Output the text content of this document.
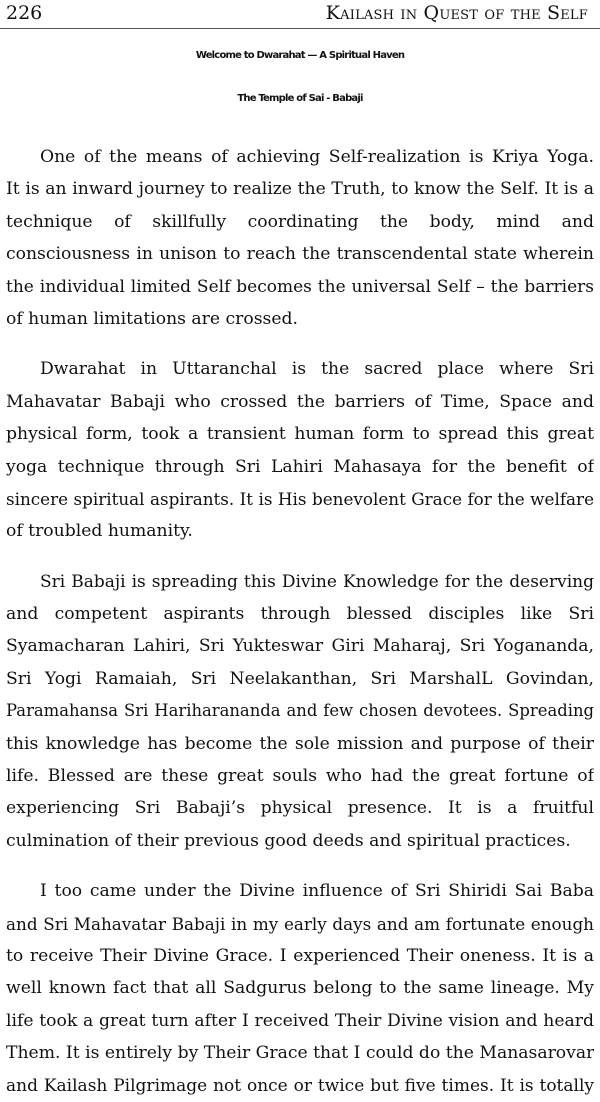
226	Kailash in Quest of the Self
Welcome to Dwarahat — A Spiritual Haven
The Temple of Sai - Babaji
One of the means of achieving Self-realization is Kriya Yoga.
It is an inward journey to realize the Truth, to know the Self. It is a
technique of skillfully coordinating the body, mind and
consciousness in unison to reach the transcendental state wherein
the individual limited Self becomes the universal Self – the barriers
of human limitations are crossed.
Dwarahat in Uttaranchal is the sacred place where Sri
Mahavatar Babaji who crossed the barriers of Time, Space and
physical form, took a transient human form to spread this great
yoga technique through Sri Lahiri Mahasaya for the benefit of
sincere spiritual aspirants. It is His benevolent Grace for the welfare
of troubled humanity.
Sri Babaji is spreading this Divine Knowledge for the deserving
and competent aspirants through blessed disciples like Sri
Syamacharan Lahiri, Sri Yukteswar Giri Maharaj, Sri Yogananda,
Sri Yogi Ramaiah, Sri Neelakanthan, Sri MarshalL Govindan,
Paramahansa Sri Hariharananda and few chosen devotees. Spreading
this knowledge has become the sole mission and purpose of their
life. Blessed are these great souls who had the great fortune of
experiencing Sri Babaji’s physical presence. It is a fruitful
culmination of their previous good deeds and spiritual practices.
I too came under the Divine influence of Sri Shiridi Sai Baba
and Sri Mahavatar Babaji in my early days and am fortunate enough
to receive Their Divine Grace. I experienced Their oneness. It is a
well known fact that all Sadgurus belong to the same lineage. My
life took a great turn after I received Their Divine vision and heard
Them. It is entirely by Their Grace that I could do the Manasarovar
and Kailash Pilgrimage not once or twice but five times. It is totally
